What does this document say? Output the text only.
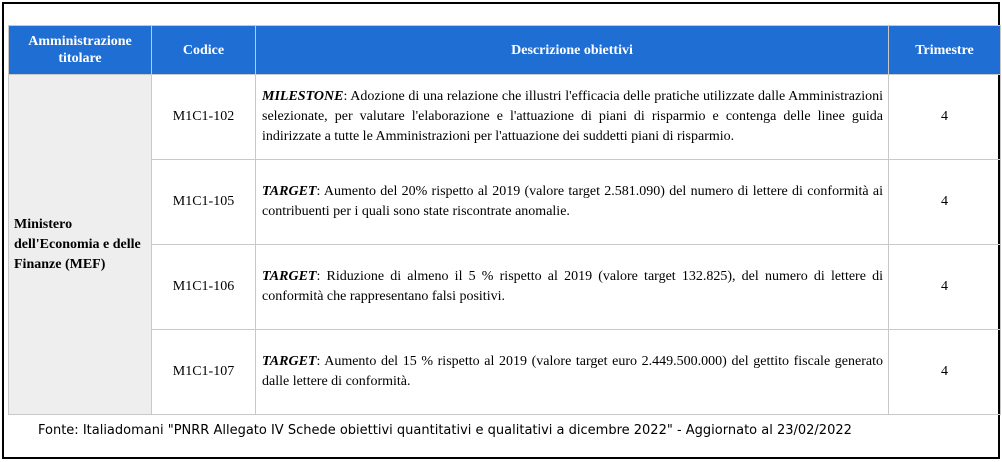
Amministrazione titolare	Codice	Descrizione obiettivi	Trimestre
Ministero dell'Economia e delle Finanze (MEF)	M1C1-102	MILESTONE: Adozione di una relazione che illustri l'efficacia delle pratiche utilizzate dalle Amministrazioni selezionate, per valutare l'elaborazione e l'attuazione di piani di risparmio e contenga delle linee guida indirizzate a tutte le Amministrazioni per l'attuazione dei suddetti piani di risparmio.	4
	M1C1-105	TARGET: Aumento del 20% rispetto al 2019 (valore target 2.581.090) del numero di lettere di conformità ai contribuenti per i quali sono state riscontrate anomalie.	4
	M1C1-106	TARGET: Riduzione di almeno il 5 % rispetto al 2019 (valore target 132.825), del numero di lettere di conformità che rappresentano falsi positivi.	4
	M1C1-107	TARGET: Aumento del 15 % rispetto al 2019 (valore target euro 2.449.500.000) del gettito fiscale generato dalle lettere di conformità.	4
Fonte: Italiadomani "PNRR Allegato IV Schede obiettivi quantitativi e qualitativi a dicembre 2022" - Aggiornato al 23/02/2022
